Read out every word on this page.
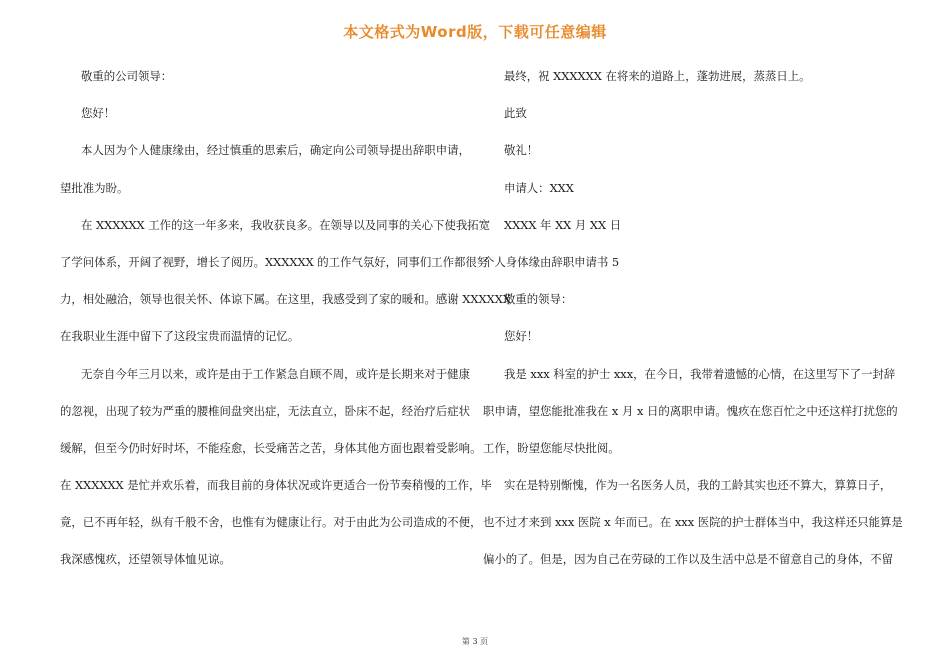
本文格式为Word版，下载可任意编辑
敬重的公司领导：
您好！
本人因为个人健康缘由，经过慎重的思索后，确定向公司领导提出辞职申请，
望批准为盼。
在 XXXXXX 工作的这一年多来，我收获良多。在领导以及同事的关心下使我拓宽
了学问体系，开阔了视野，增长了阅历。XXXXXX 的工作气氛好，同事们工作都很努
力，相处融洽，领导也很关怀、体谅下属。在这里，我感受到了家的暖和。感谢 XXXXXX
在我职业生涯中留下了这段宝贵而温情的记忆。
无奈自今年三月以来，或许是由于工作紧急自顾不周，或许是长期来对于健康
的忽视，出现了较为严重的腰椎间盘突出症，无法直立，卧床不起，经治疗后症状
缓解，但至今仍时好时坏，不能痊愈，长受痛苦之苦，身体其他方面也跟着受影响。
在 XXXXXX 是忙并欢乐着，而我目前的身体状况或许更适合一份节奏稍慢的工作，毕
竟，已不再年轻，纵有千般不舍，也惟有为健康让行。对于由此为公司造成的不便，
我深感愧疚，还望领导体恤见谅。
最终，祝 XXXXXX 在将来的道路上，蓬勃进展，蒸蒸日上。
此致
敬礼！
申请人：XXX
XXXX 年 XX 月 XX 日
个人身体缘由辞职申请书 5
敬重的领导：
您好！
我是 xxx 科室的护士 xxx，在今日，我带着遗憾的心情，在这里写下了一封辞
职申请，望您能批准我在 x 月 x 日的离职申请。愧疚在您百忙之中还这样打扰您的
工作，盼望您能尽快批阅。
实在是特别惭愧，作为一名医务人员，我的工龄其实也还不算大，算算日子，
也不过才来到 xxx 医院 x 年而已。在 xxx 医院的护士群体当中，我这样还只能算是
偏小的了。但是，因为自己在劳碌的工作以及生活中总是不留意自己的身体，不留
第 3 页
